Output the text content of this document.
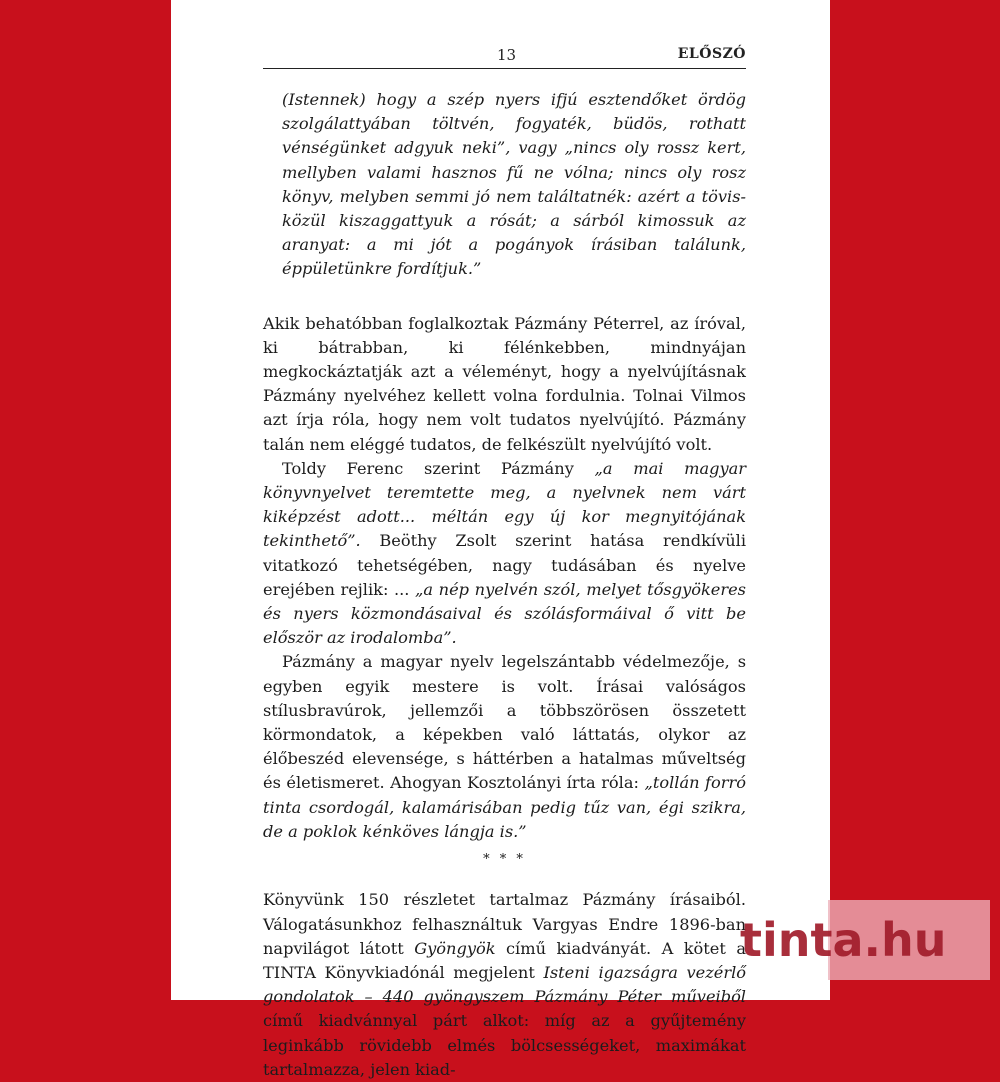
13	ELŐSZÓ

(Istennek) hogy a szép nyers ifjú esztendőket ördög szolgálattyában töltvén, fogyaték, büdös, rothatt vénségünket adgyuk neki”, vagy „nincs oly rossz kert, mellyben valami hasznos fű ne vólna; nincs oly rosz könyv, melyben semmi jó nem találtatnék: azért a tövis-közül kiszaggattyuk a rósát; a sárból kimossuk az aranyat: a mi jót a pogányok írásiban találunk, éppületünkre fordítjuk.”

Akik behatóbban foglalkoztak Pázmány Péterrel, az íróval, ki bátrabban, ki félénkebben, mindnyájan megkockáztatják azt a véleményt, hogy a nyelvújításnak Pázmány nyelvéhez kellett volna fordulnia. Tolnai Vilmos azt írja róla, hogy nem volt tudatos nyelvújító. Pázmány talán nem eléggé tudatos, de felkészült nyelvújító volt.

Toldy Ferenc szerint Pázmány „a mai magyar könyvnyelvet teremtette meg, a nyelvnek nem várt kiképzést adott... méltán egy új kor megnyitójának tekinthető”. Beöthy Zsolt szerint hatása rendkívüli vitatkozó tehetségében, nagy tudásában és nyelve erejében rejlik: ... „a nép nyelvén szól, melyet tősgyökeres és nyers közmondásaival és szólásformáival ő vitt be először az irodalomba”.

Pázmány a magyar nyelv legelszántabb védelmezője, s egyben egyik mestere is volt. Írásai valóságos stílusbravúrok, jellemzői a többszörösen összetett körmondatok, a képekben való láttatás, olykor az élőbeszéd elevensége, s háttérben a hatalmas műveltség és életismeret. Ahogyan Kosztolányi írta róla: „tollán forró tinta csordogál, kalamárisában pedig tűz van, égi szikra, de a poklok kénköves lángja is.”

* * *

Könyvünk 150 részletet tartalmaz Pázmány írásaiból. Válogatásunkhoz felhasználtuk Vargyas Endre 1896-ban napvilágot látott Gyöngyök című kiadványát. A kötet a TINTA Könyvkiadónál megjelent Isteni igazságra vezérlő gondolatok – 440 gyöngyszem Pázmány Péter műveiből című kiadvánnyal párt alkot: míg az a gyűjtemény leginkább rövidebb elmés bölcsességeket, maximákat tartalmazza, jelen kiad-

tinta.hu
